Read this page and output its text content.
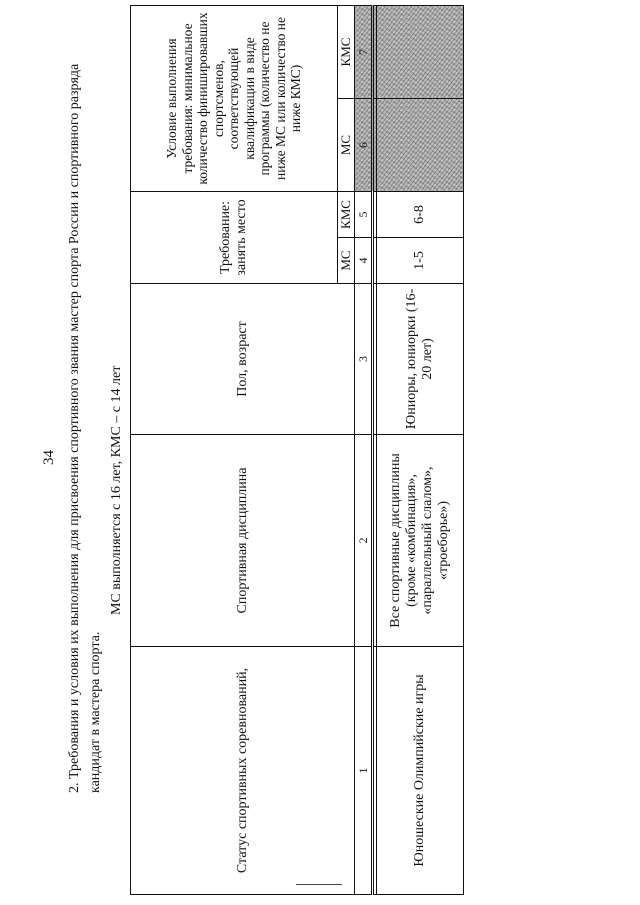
34 2. Требования и условия их выполнения для присвоения спортивного звания мастер спорта России и спортивного разряда кандидат в мастера спорта.
МС выполняется с 16 лет, КМС – с 14 лет
Статус спортивных соревнований,	Спортивная дисциплина	Пол, возраст	Требование: занять место		Условие выполнения требования: минимальное количество финишировавших спортсменов, соответствующей квалификации в виде программы (количество не ниже МС или количество не ниже КМС)	
			МС	КМС	МС	КМС
1	2	3	4	5	6	7

Юношеские Олимпийские игры	Все спортивные дисциплины (кроме «комбинация», «параллельный слалом», «троеборье»)	Юниоры, юниорки (16-20 лет)	1-5	6-8		
